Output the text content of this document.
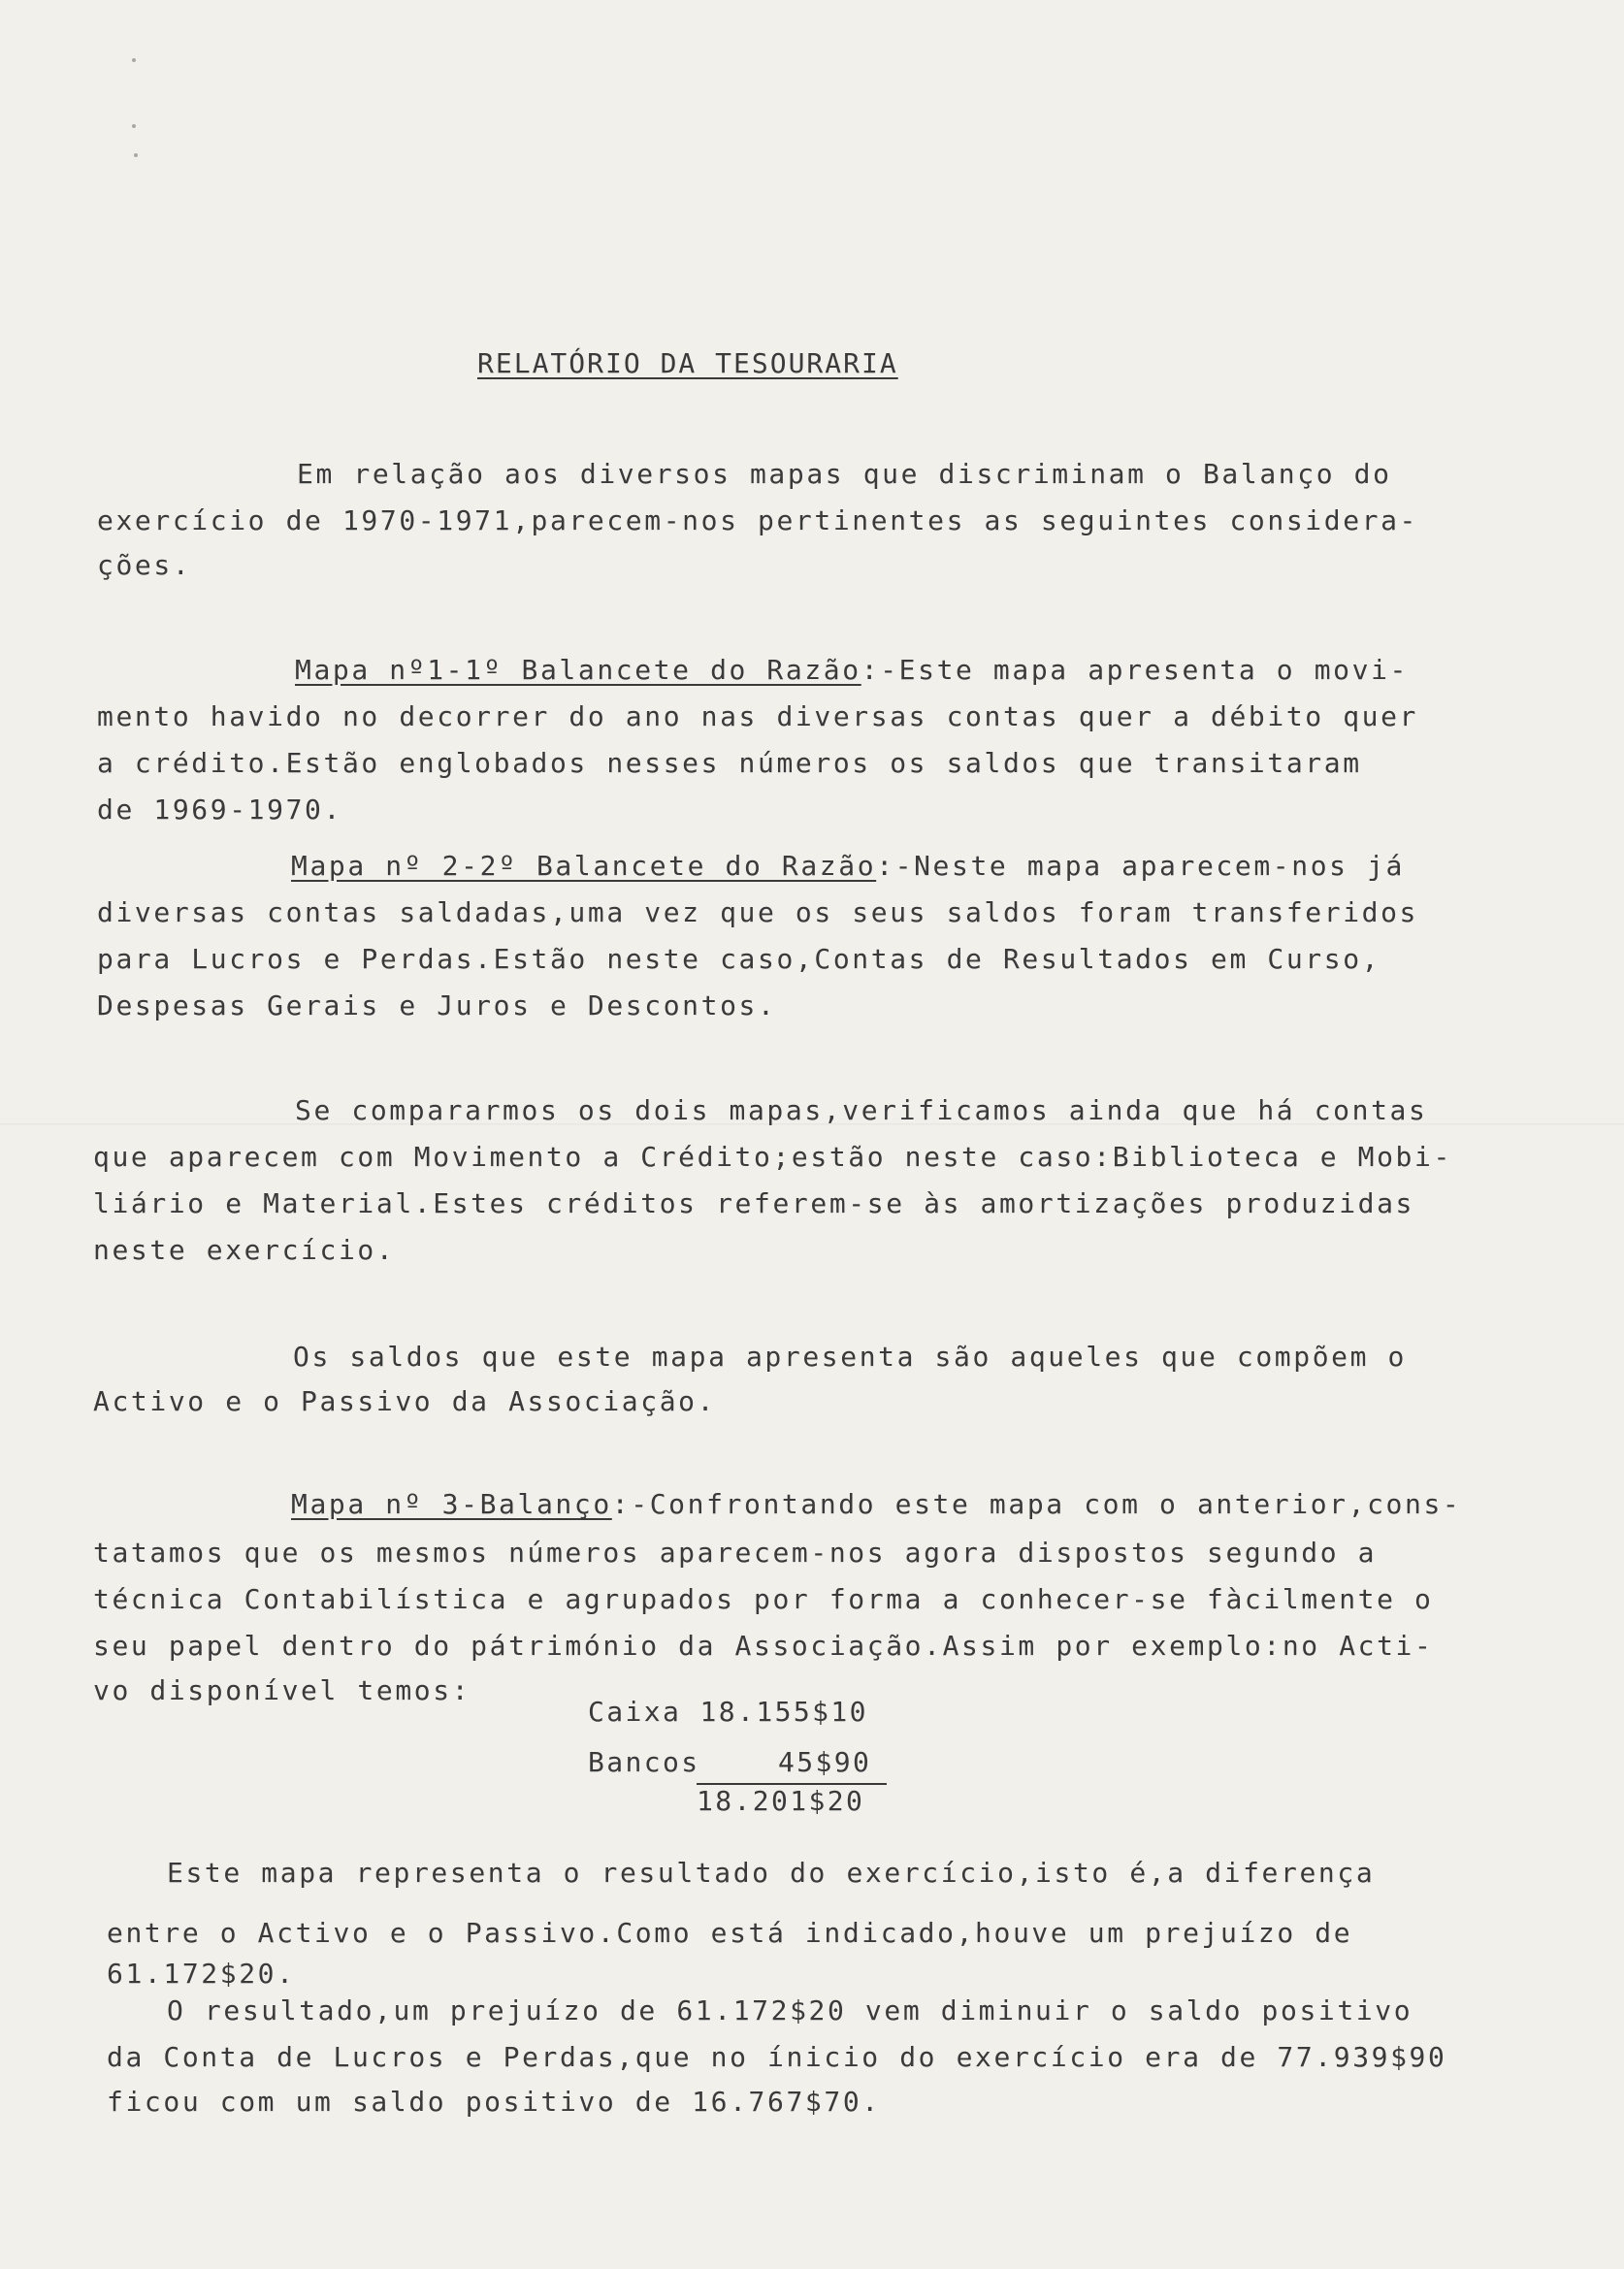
RELATÓRIO DA TESOURARIA
Em relação aos diversos mapas que discriminam o Balanço do
exercício de 1970-1971,parecem-nos pertinentes as seguintes considera-
ções.
Mapa nº1-1º Balancete do Razão:-Este mapa apresenta o movi-
mento havido no decorrer do ano nas diversas contas quer a débito quer
a crédito.Estão englobados nesses números os saldos que transitaram
de 1969-1970.
Mapa nº 2-2º Balancete do Razão:-Neste mapa aparecem-nos já
diversas contas saldadas,uma vez que os seus saldos foram transferidos
para Lucros e Perdas.Estão neste caso,Contas de Resultados em Curso,
Despesas Gerais e Juros e Descontos.
Se compararmos os dois mapas,verificamos ainda que há contas
que aparecem com Movimento a Crédito;estão neste caso:Biblioteca e Mobi-
liário e Material.Estes créditos referem-se às amortizações produzidas
neste exercício.
Os saldos que este mapa apresenta são aqueles que compõem o
Activo e o Passivo da Associação.
Mapa nº 3-Balanço:-Confrontando este mapa com o anterior,cons-
tatamos que os mesmos números aparecem-nos agora dispostos segundo a
técnica Contabilística e agrupados por forma a conhecer-se fàcilmente o
seu papel dentro do pátrimónio da Associação.Assim por exemplo:no Acti-
vo disponível temos:
Caixa 18.155$10
Bancos	45$90
18.201$20
Este mapa representa o resultado do exercício,isto é,a diferença
entre o Activo e o Passivo.Como está indicado,houve um prejuízo de
61.172$20.
O resultado,um prejuízo de 61.172$20 vem diminuir o saldo positivo
da Conta de Lucros e Perdas,que no ínicio do exercício era de 77.939$90
ficou com um saldo positivo de 16.767$70.
